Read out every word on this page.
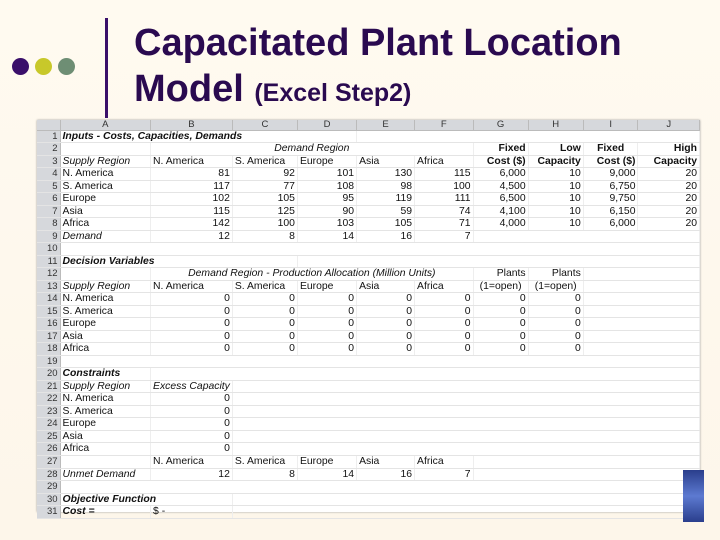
Capacitated Plant Location
Model (Excel Step2)
	A	B	C	D	E	F	G	H	I	J
1	Inputs - Costs, Capacities, Demands									
2		Demand Region					Fixed	Low	Fixed	High
3	Supply Region	N. America	S. America	Europe	Asia	Africa	Cost ($)	Capacity	Cost ($)	Capacity
4	N. America	81	92	101	130	115	6,000	10	9,000	20
5	S. America	117	77	108	98	100	4,500	10	6,750	20
6	Europe	102	105	95	119	111	6,500	10	9,750	20
7	Asia	115	125	90	59	74	4,100	10	6,150	20
8	Africa	142	100	103	105	71	4,000	10	6,000	20
9	Demand	12	8	14	16	7				
10										
11	Decision Variables									
12		Demand Region - Production Allocation (Million Units)					Plants	Plants		
13	Supply Region	N. America	S. America	Europe	Asia	Africa	(1=open)	(1=open)		
14	N. America	0	0	0	0	0	0	0		
15	S. America	0	0	0	0	0	0	0		
16	Europe	0	0	0	0	0	0	0		
17	Asia	0	0	0	0	0	0	0		
18	Africa	0	0	0	0	0	0	0		
19										
20	Constraints									
21	Supply Region	Excess Capacity								
22	N. America	0								
23	S. America	0								
24	Europe	0								
25	Asia	0								
26	Africa	0								
27		N. America	S. America	Europe	Asia	Africa				
28	Unmet Demand	12	8	14	16	7				
29										
30	Objective Function									
31	Cost =	$ -								
